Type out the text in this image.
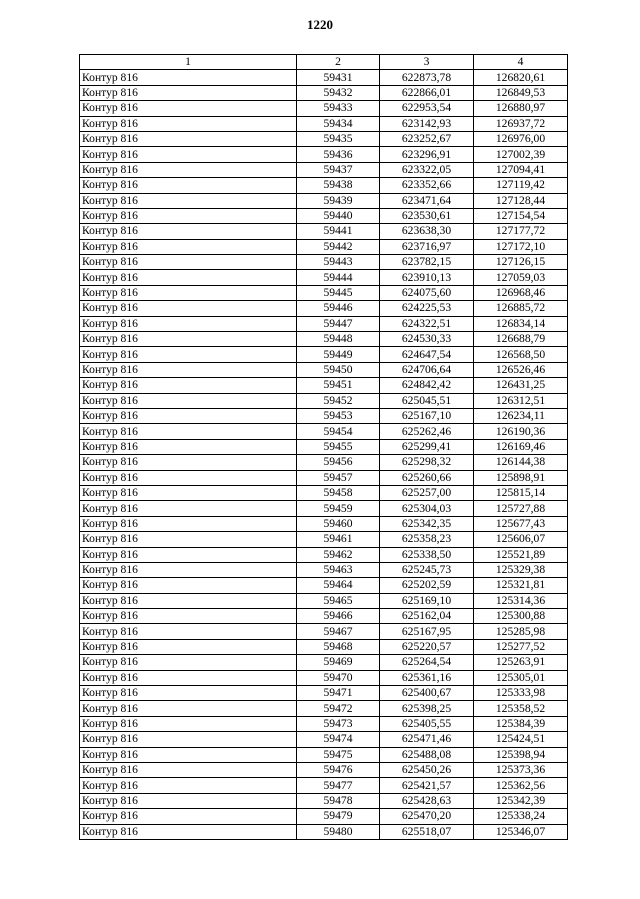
1220
1	2	3	4
Контур 816	59431	622873,78	126820,61
Контур 816	59432	622866,01	126849,53
Контур 816	59433	622953,54	126880,97
Контур 816	59434	623142,93	126937,72
Контур 816	59435	623252,67	126976,00
Контур 816	59436	623296,91	127002,39
Контур 816	59437	623322,05	127094,41
Контур 816	59438	623352,66	127119,42
Контур 816	59439	623471,64	127128,44
Контур 816	59440	623530,61	127154,54
Контур 816	59441	623638,30	127177,72
Контур 816	59442	623716,97	127172,10
Контур 816	59443	623782,15	127126,15
Контур 816	59444	623910,13	127059,03
Контур 816	59445	624075,60	126968,46
Контур 816	59446	624225,53	126885,72
Контур 816	59447	624322,51	126834,14
Контур 816	59448	624530,33	126688,79
Контур 816	59449	624647,54	126568,50
Контур 816	59450	624706,64	126526,46
Контур 816	59451	624842,42	126431,25
Контур 816	59452	625045,51	126312,51
Контур 816	59453	625167,10	126234,11
Контур 816	59454	625262,46	126190,36
Контур 816	59455	625299,41	126169,46
Контур 816	59456	625298,32	126144,38
Контур 816	59457	625260,66	125898,91
Контур 816	59458	625257,00	125815,14
Контур 816	59459	625304,03	125727,88
Контур 816	59460	625342,35	125677,43
Контур 816	59461	625358,23	125606,07
Контур 816	59462	625338,50	125521,89
Контур 816	59463	625245,73	125329,38
Контур 816	59464	625202,59	125321,81
Контур 816	59465	625169,10	125314,36
Контур 816	59466	625162,04	125300,88
Контур 816	59467	625167,95	125285,98
Контур 816	59468	625220,57	125277,52
Контур 816	59469	625264,54	125263,91
Контур 816	59470	625361,16	125305,01
Контур 816	59471	625400,67	125333,98
Контур 816	59472	625398,25	125358,52
Контур 816	59473	625405,55	125384,39
Контур 816	59474	625471,46	125424,51
Контур 816	59475	625488,08	125398,94
Контур 816	59476	625450,26	125373,36
Контур 816	59477	625421,57	125362,56
Контур 816	59478	625428,63	125342,39
Контур 816	59479	625470,20	125338,24
Контур 816	59480	625518,07	125346,07
